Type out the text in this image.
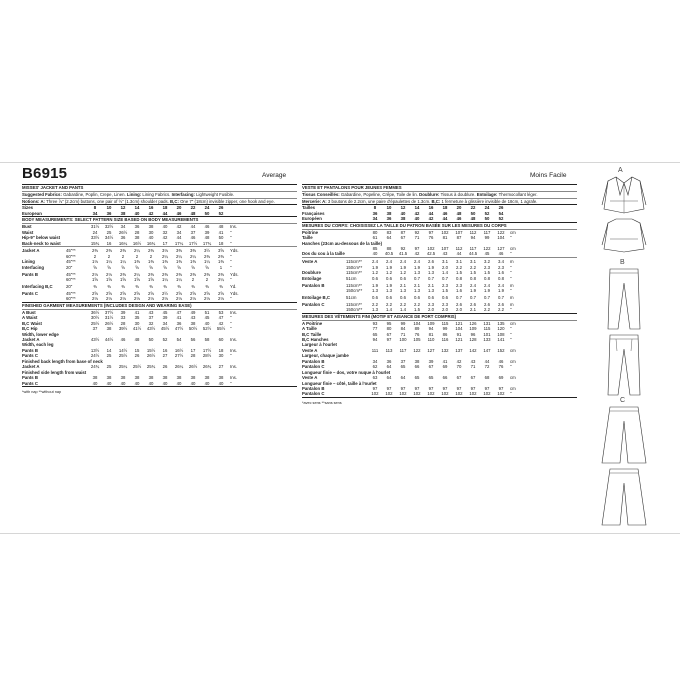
B6915	Average	Moins Facile
MISSES' JACKET AND PANTS

Suggested Fabrics: Gabardine, Poplin, Crepe, Linen. Lining: Lining Fabrics. Interfacing: Lightweight Fusible.

Notions: A: Three ⅞" (2.2cm) buttons, one pair of ½" (1.3cm) shoulder pads. B,C: One 7" (18cm) invisible zipper, one hook and eye.

Sizes	8	10	12	14	16	18	20	22	24	26
European	34	36	38	40	42	44	46	48	50	52
BODY MEASUREMENTS: SELECT PATTERN SIZE BASED ON BODY MEASUREMENTS
Bust	31½	32½	34	36	38	40	42	44	46	48	Ins.
Waist	24	25	26½	28	30	32	34	37	39	41	"
Hip-9" below waist	33½	34½	36	38	40	42	44	46	48	50	"
Back-neck to waist	15¾	16	16¼	16½	16¾	17	17¼	17½	17¾	18	"
Jacket A	45"**	2⅜	2⅜	2⅜	2¼	2⅜	3⅛	3⅜	3⅜	3½	3⅝	Yds.
60"**	2	2	2	2	2	2¼	2¼	2¼	2⅜	2⅜	"
Lining	45"**	1⅛	1¼	1¼	1⅜	1⅜	1⅜	1⅜	1⅜	1¼	1⅜	"
Interfacing	20"	⅝	⅝	⅝	⅝	⅝	⅝	⅝	⅝	⅝	1	"
Pants B	45"**	2⅛	2⅛	2⅜	2¼	2⅜	2⅜	2⅜	2⅜	2⅜	2⅜	Yds.
60"**	1⅝	1⅝	1⅝	1⅝	1⅝	1¼	1¼	2	2	2¼	"
Interfacing B,C	20"	⅜	⅜	⅜	⅜	⅜	⅜	⅜	⅜	⅜	⅜	Yd.
Pants C	45"**	2⅝	2⅝	2⅝	2⅝	2⅝	2½	2⅝	2⅝	2⅝	2⅝	Yds.
60"**	2⅛	2⅛	2⅛	2⅛	2⅛	2⅛	2⅛	2⅛	2⅛	2⅛	"
FINISHED GARMENT MEASUREMENTS (INCLUDES DESIGN AND WEARING EASE)
A Bust	36½	37½	39	41	43	45	47	49	51	53	Ins.
A Waist	30½	31½	33	35	37	39	41	43	45	47	"
B,C Waist	25½	26½	28	30	32	34	36	38	40	42	"
B,C Hip	37	38	39½	41½	43½	45½	47½	50½	52½	55½	"
Width, lower edge
Jacket A	43½	44½	46	48	50	52	54	56	58	60	Ins.
Width, each leg
Pants B	13½	14	14½	15	15½	16	16½	17	17½	18	Ins.
Pants C	24½	25	25½	26	26½	27	27½	28	28½	30	"
Finished back length from base of neck
Jacket A	24¾	25	25¼	25½	25¾	26	26¼	26½	26¾	27	Ins.
Finished side length from waist
Pants B	38	38	38	38	38	38	38	38	38	38	Ins.
Pants C	40	40	40	40	40	40	40	40	40	40	"
*with nap **without nap
VESTE ET PANTALONS POUR JEUNES FEMMES

Tissus Conseillés: Gabardine, Popeline, Crêpe, Toile de lin. Doublure: Tissus à doublure. Entoilage: Thermocollant léger.

Mercerie: A: 3 boutons de 2.2cm, une paire d'épaulettes de 1.3cm. B,C: 1 fermeture à glissière invisible de 18cm, 1 agrafe.

Tailles	8	10	12	14	16	18	20	22	24	26
Françaises	36	38	40	42	44	46	48	50	52	54
Européen	34	36	38	40	42	44	46	48	50	52
MESURES DU CORPS: CHOISISSEZ LA TAILLE DU PATRON BASÉE SUR LES MESURES DU CORPS
Poitrine	80	83	87	92	97	102	107	112	117	122	cm
Taille	61	64	67	71	76	81	87	94	99	104	"
Hanches (23cm au-dessous de la taille)
85	88	92	97	102	107	112	117	122	127	cm
Dos du cou à la taille	40	40.5	41.5	42	42.5	43	44	44.5	45	46	"
Veste A	115cm**	2.4	2.4	2.4	2.4	2.6	3.1	3.1	3.1	3.2	3.4	m
150cm**	1.9	1.9	1.9	1.9	1.9	2.0	2.2	2.2	2.3	2.3	"
Doublure	115cm**	1.2	1.2	1.2	1.3	1.3	1.4	1.5	1.5	1.5	1.6	"
Entoilage	51cm	0.6	0.6	0.6	0.7	0.7	0.7	0.8	0.8	0.8	0.8	"
Pantalon B	115cm**	1.9	1.9	2.1	2.1	2.1	2.3	2.3	2.4	2.4	2.4	m
150cm**	1.3	1.3	1.3	1.3	1.3	1.5	1.6	1.9	1.9	1.9	"
Entoilage B,C	51cm	0.6	0.6	0.6	0.6	0.6	0.6	0.7	0.7	0.7	0.7	m
Pantalon C	115cm**	2.2	2.2	2.2	2.2	2.3	2.3	2.6	2.6	2.6	2.6	m
150cm**	1.3	1.4	1.4	1.5	2.0	2.0	2.0	2.1	2.2	2.2	"
MESURES DES VÊTEMENTS FINI (MOTIF ET AISANCE DE PORT COMPRIS)
A Poitrine	93	95	99	104	109	115	121	126	131	135	cm
A Taille	77	80	84	89	94	99	104	109	115	120	"
B,C Taille	65	67	71	76	81	86	91	96	101	108	"
B,C Hanches	94	97	100	105	110	116	121	128	133	141	"
Largeur à l'ourlet
Veste A	111	113	117	122	127	132	137	142	147	152	cm
Largeur, chaque jambe
Pantalon B	34	36	37	38	39	41	42	43	44	46	cm
Pantalon C	62	64	65	66	67	69	70	71	72	76	"
Longueur finie – dos, votre nuque à l'ourlet
Veste A	63	64	64	65	65	66	67	67	68	69	cm
Longueur finie – côté, taille à l'ourlet
Pantalon B	97	97	97	97	97	97	97	97	97	97	cm
Pantalon C	102	102	102	102	102	102	102	102	102	102	"
*avec sens **sans sens
A
B
C
